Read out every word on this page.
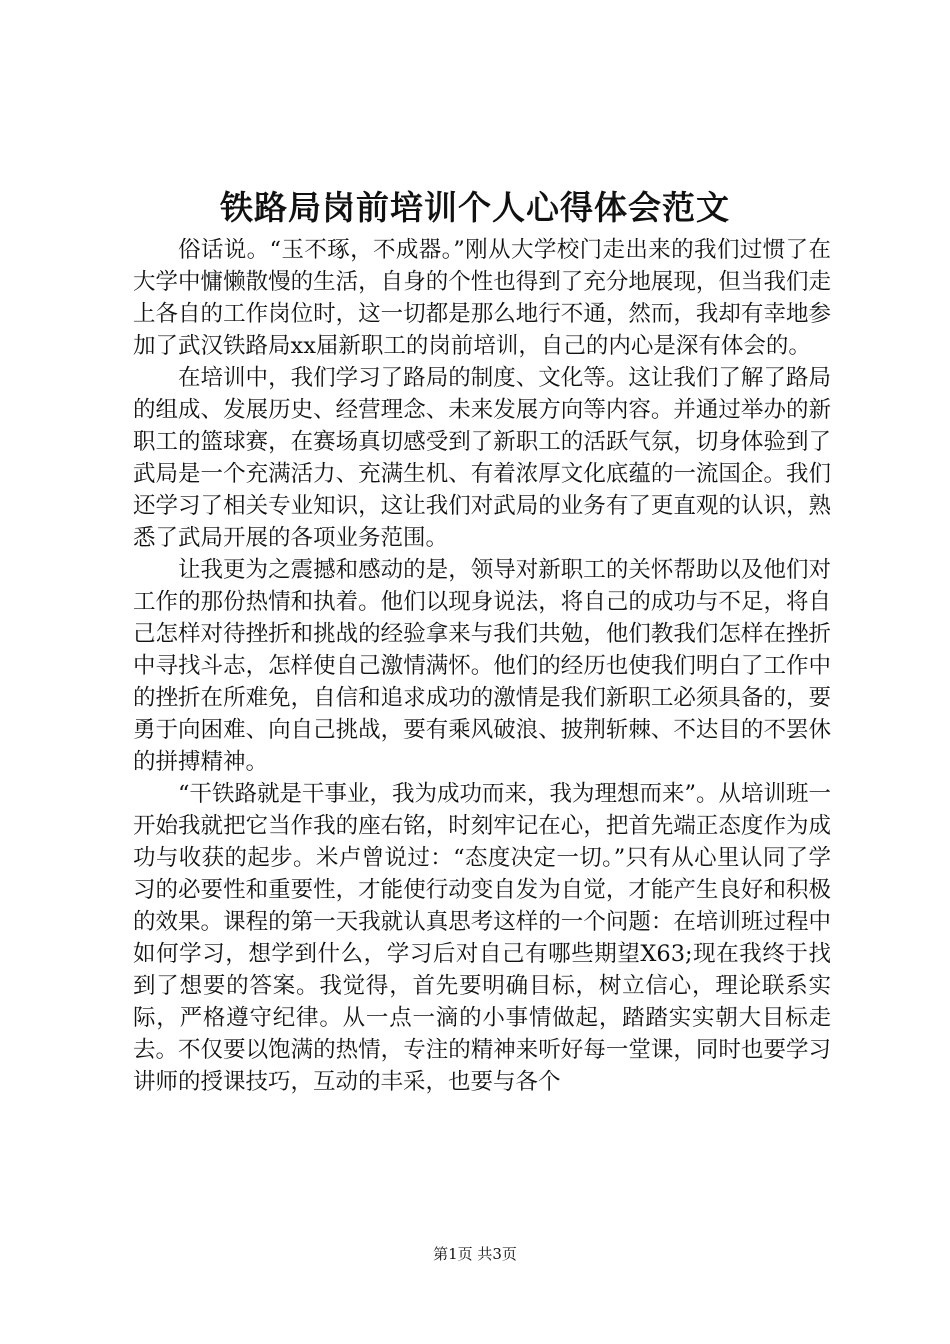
铁路局岗前培训个人心得体会范文

俗话说。“玉不琢，不成器。”刚从大学校门走出来的我们过惯了在大学中慵懒散慢的生活，自身的个性也得到了充分地展现，但当我们走上各自的工作岗位时，这一切都是那么地行不通，然而，我却有幸地参加了武汉铁路局xx届新职工的岗前培训，自己的内心是深有体会的。

在培训中，我们学习了路局的制度、文化等。这让我们了解了路局的组成、发展历史、经营理念、未来发展方向等内容。并通过举办的新职工的篮球赛，在赛场真切感受到了新职工的活跃气氛，切身体验到了武局是一个充满活力、充满生机、有着浓厚文化底蕴的一流国企。我们还学习了相关专业知识，这让我们对武局的业务有了更直观的认识，熟悉了武局开展的各项业务范围。

让我更为之震撼和感动的是，领导对新职工的关怀帮助以及他们对工作的那份热情和执着。他们以现身说法，将自己的成功与不足，将自己怎样对待挫折和挑战的经验拿来与我们共勉，他们教我们怎样在挫折中寻找斗志，怎样使自己激情满怀。他们的经历也使我们明白了工作中的挫折在所难免，自信和追求成功的激情是我们新职工必须具备的，要勇于向困难、向自己挑战，要有乘风破浪、披荆斩棘、不达目的不罢休的拼搏精神。

“干铁路就是干事业，我为成功而来，我为理想而来”。从培训班一开始我就把它当作我的座右铭，时刻牢记在心，把首先端正态度作为成功与收获的起步。米卢曾说过：“态度决定一切。”只有从心里认同了学习的必要性和重要性，才能使行动变自发为自觉，才能产生良好和积极的效果。课程的第一天我就认真思考这样的一个问题：在培训班过程中如何学习，想学到什么，学习后对自己有哪些期望X63;现在我终于找到了想要的答案。我觉得，首先要明确目标，树立信心，理论联系实际，严格遵守纪律。从一点一滴的小事情做起，踏踏实实朝大目标走去。不仅要以饱满的热情，专注的精神来听好每一堂课，同时也要学习讲师的授课技巧，互动的丰采，也要与各个

第1页 共3页
